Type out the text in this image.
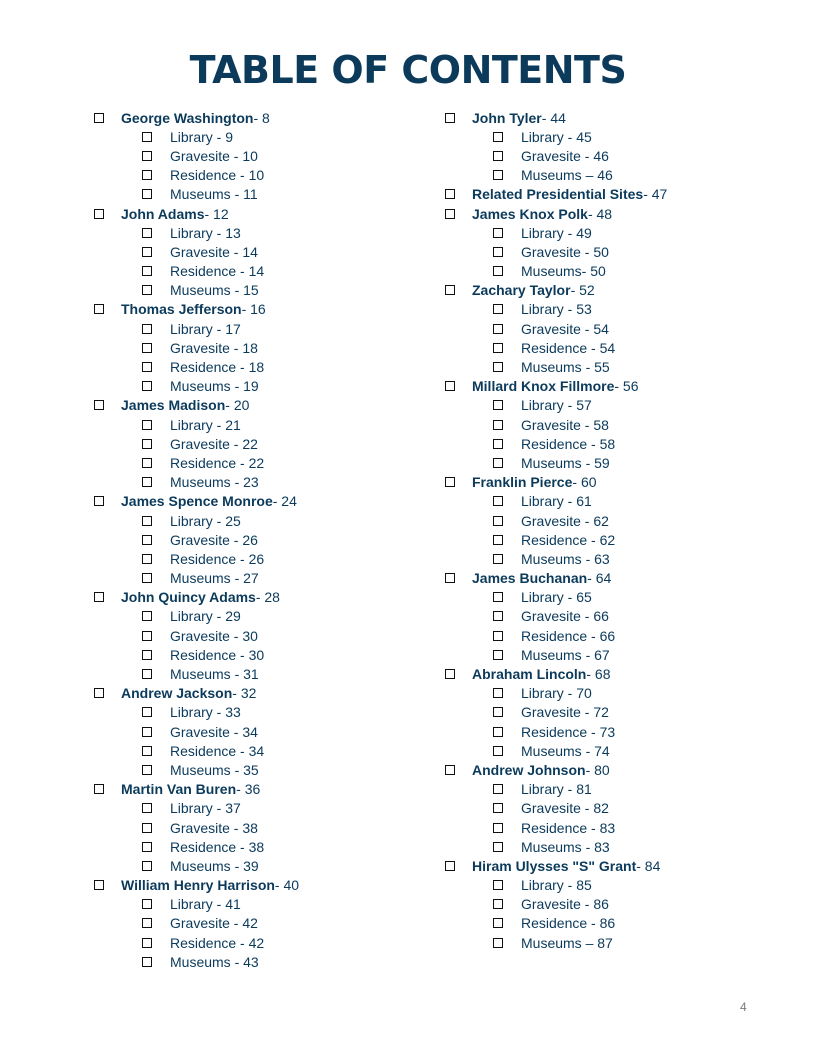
TABLE OF CONTENTS
George Washington - 8
Library - 9
Gravesite - 10
Residence - 10
Museums - 11
John Adams - 12
Library - 13
Gravesite - 14
Residence - 14
Museums - 15
Thomas Jefferson - 16
Library - 17
Gravesite - 18
Residence - 18
Museums - 19
James Madison - 20
Library - 21
Gravesite - 22
Residence - 22
Museums - 23
James Spence Monroe - 24
Library - 25
Gravesite - 26
Residence - 26
Museums - 27
John Quincy Adams - 28
Library - 29
Gravesite - 30
Residence - 30
Museums - 31
Andrew Jackson - 32
Library - 33
Gravesite - 34
Residence - 34
Museums - 35
Martin Van Buren - 36
Library - 37
Gravesite - 38
Residence - 38
Museums - 39
William Henry Harrison - 40
Library - 41
Gravesite - 42
Residence - 42
Museums - 43
John Tyler - 44
Library - 45
Gravesite - 46
Museums – 46
Related Presidential Sites - 47
James Knox Polk - 48
Library - 49
Gravesite - 50
Museums- 50
Zachary Taylor - 52
Library - 53
Gravesite - 54
Residence - 54
Museums - 55
Millard Knox Fillmore - 56
Library - 57
Gravesite - 58
Residence - 58
Museums - 59
Franklin Pierce - 60
Library - 61
Gravesite - 62
Residence - 62
Museums - 63
James Buchanan - 64
Library - 65
Gravesite - 66
Residence - 66
Museums - 67
Abraham Lincoln - 68
Library - 70
Gravesite - 72
Residence - 73
Museums - 74
Andrew Johnson - 80
Library - 81
Gravesite - 82
Residence - 83
Museums - 83
Hiram Ulysses "S" Grant - 84
Library - 85
Gravesite - 86
Residence - 86
Museums – 87
4
